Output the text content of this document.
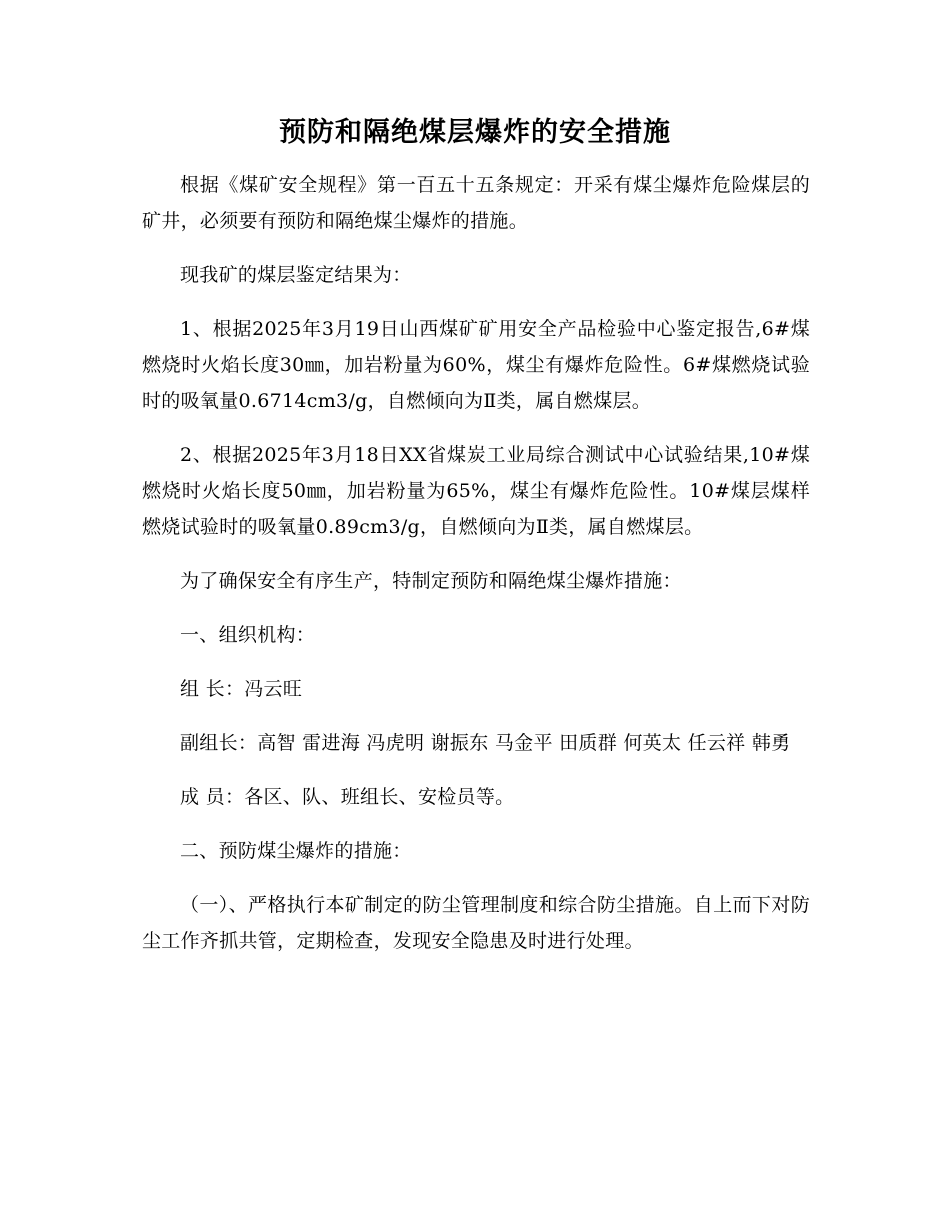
预防和隔绝煤层爆炸的安全措施

根据《煤矿安全规程》第一百五十五条规定：开采有煤尘爆炸危险煤层的矿井，必须要有预防和隔绝煤尘爆炸的措施。

现我矿的煤层鉴定结果为：

1、根据2025年3月19日山西煤矿矿用安全产品检验中心鉴定报告,6#煤燃烧时火焰长度30㎜，加岩粉量为60%，煤尘有爆炸危险性。6#煤燃烧试验时的吸氧量0.6714cm3/g，自燃倾向为Ⅱ类，属自燃煤层。

2、根据2025年3月18日XX省煤炭工业局综合测试中心试验结果,10#煤燃烧时火焰长度50㎜，加岩粉量为65%，煤尘有爆炸危险性。10#煤层煤样燃烧试验时的吸氧量0.89cm3/g，自燃倾向为Ⅱ类，属自燃煤层。

为了确保安全有序生产，特制定预防和隔绝煤尘爆炸措施：

一、组织机构：

组 长：冯云旺

副组长：高智 雷进海 冯虎明 谢振东 马金平 田质群 何英太 任云祥 韩勇

成 员：各区、队、班组长、安检员等。

二、预防煤尘爆炸的措施：

（一）、严格执行本矿制定的防尘管理制度和综合防尘措施。自上而下对防尘工作齐抓共管，定期检查，发现安全隐患及时进行处理。
